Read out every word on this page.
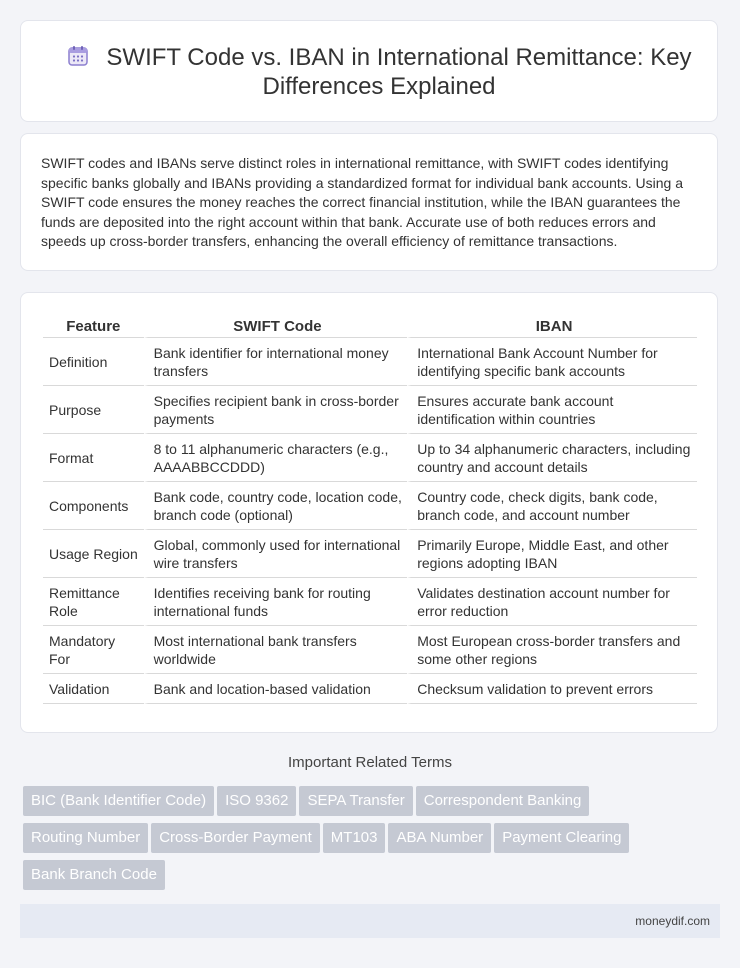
SWIFT Code vs. IBAN in International Remittance: Key Differences Explained

SWIFT codes and IBANs serve distinct roles in international remittance, with SWIFT codes identifying specific banks globally and IBANs providing a standardized format for individual bank accounts. Using a SWIFT code ensures the money reaches the correct financial institution, while the IBAN guarantees the funds are deposited into the right account within that bank. Accurate use of both reduces errors and speeds up cross-border transfers, enhancing the overall efficiency of remittance transactions.

Feature	SWIFT Code	IBAN
Definition	Bank identifier for international money transfers	International Bank Account Number for identifying specific bank accounts
Purpose	Specifies recipient bank in cross-border payments	Ensures accurate bank account identification within countries
Format	8 to 11 alphanumeric characters (e.g., AAAABBCCDDD)	Up to 34 alphanumeric characters, including country and account details
Components	Bank code, country code, location code, branch code (optional)	Country code, check digits, bank code, branch code, and account number
Usage Region	Global, commonly used for international wire transfers	Primarily Europe, Middle East, and other regions adopting IBAN
Remittance Role	Identifies receiving bank for routing international funds	Validates destination account number for error reduction
Mandatory For	Most international bank transfers worldwide	Most European cross-border transfers and some other regions
Validation	Bank and location-based validation	Checksum validation to prevent errors
Important Related Terms
BIC (Bank Identifier Code) ISO 9362 SEPA Transfer Correspondent BankingRouting Number Cross-Border Payment MT103 ABA Number Payment ClearingBank Branch Code
moneydif.com
